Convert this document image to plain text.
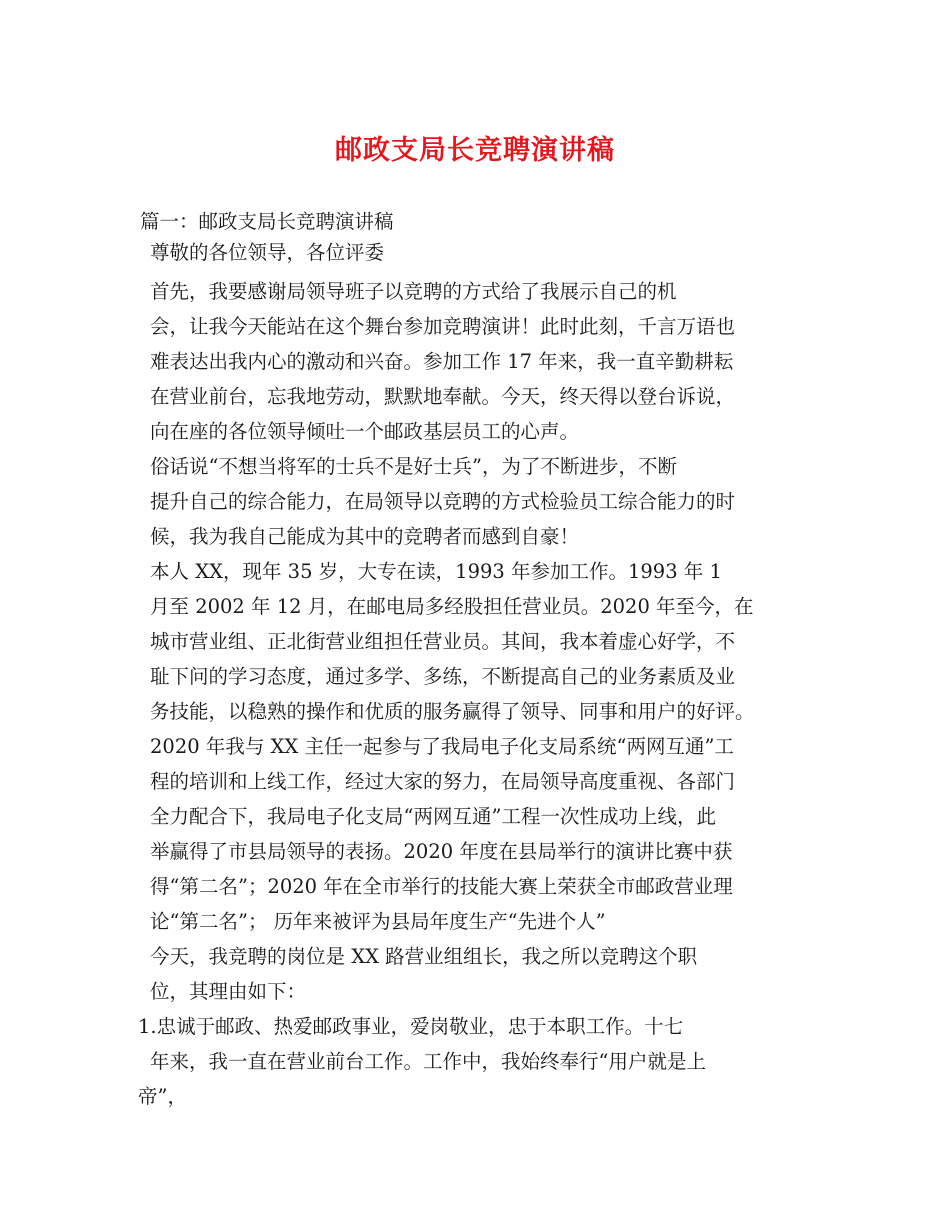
邮政支局长竞聘演讲稿
篇一：邮政支局长竞聘演讲稿
尊敬的各位领导，各位评委
首先，我要感谢局领导班子以竞聘的方式给了我展示自己的机
会，让我今天能站在这个舞台参加竞聘演讲！此时此刻，千言万语也
难表达出我内心的激动和兴奋。参加工作 17 年来，我一直辛勤耕耘
在营业前台，忘我地劳动，默默地奉献。今天，终天得以登台诉说，
向在座的各位领导倾吐一个邮政基层员工的心声。
俗话说“不想当将军的士兵不是好士兵”，为了不断进步，不断
提升自己的综合能力，在局领导以竞聘的方式检验员工综合能力的时
候，我为我自己能成为其中的竞聘者而感到自豪！
本人 XX，现年 35 岁，大专在读，1993 年参加工作。1993 年 1
月至 2002 年 12 月，在邮电局多经股担任营业员。2020 年至今，在
城市营业组、正北街营业组担任营业员。其间，我本着虚心好学，不
耻下问的学习态度，通过多学、多练，不断提高自己的业务素质及业
务技能，以稳熟的操作和优质的服务赢得了领导、同事和用户的好评。
2020 年我与 XX 主任一起参与了我局电子化支局系统“两网互通”工
程的培训和上线工作，经过大家的努力，在局领导高度重视、各部门
全力配合下，我局电子化支局“两网互通”工程一次性成功上线，此
举赢得了市县局领导的表扬。2020 年度在县局举行的演讲比赛中获
得“第二名”；2020 年在全市举行的技能大赛上荣获全市邮政营业理
论“第二名”； 历年来被评为县局年度生产“先进个人”
今天，我竞聘的岗位是 XX 路营业组组长，我之所以竞聘这个职
位，其理由如下：
1.忠诚于邮政、热爱邮政事业，爱岗敬业，忠于本职工作。十七
年来，我一直在营业前台工作。工作中，我始终奉行“用户就是上
帝”，
